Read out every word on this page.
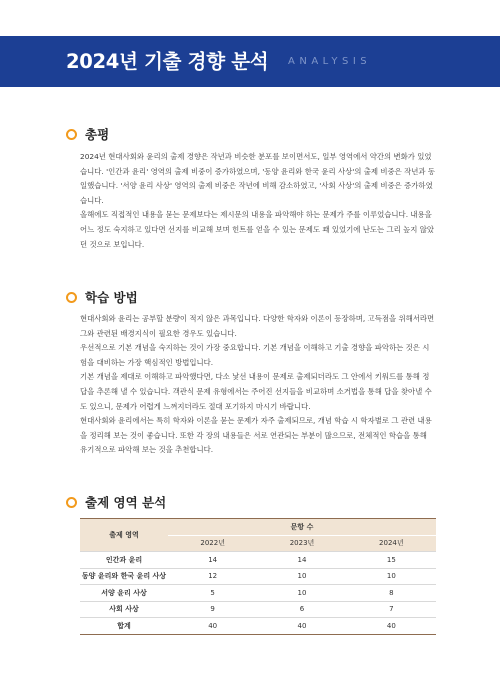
2024년 기출 경향 분석 ANALYSIS
총평

2024년 현대사회와 윤리의 출제 경향은 작년과 비슷한 분포를 보이면서도, 일부 영역에서 약간의 변화가 있었습니다. '인간과 윤리' 영역의 출제 비중이 증가하였으며, '동양 윤리와 한국 윤리 사상'의 출제 비중은 작년과 동일했습니다. '서양 윤리 사상' 영역의 출제 비중은 작년에 비해 감소하였고, '사회 사상'의 출제 비중은 증가하였습니다.

올해에도 직접적인 내용을 묻는 문제보다는 제시문의 내용을 파악해야 하는 문제가 주를 이루었습니다. 내용을 어느 정도 숙지하고 있다면 선지를 비교해 보며 힌트를 얻을 수 있는 문제도 꽤 있었기에 난도는 그리 높지 않았던 것으로 보입니다.

학습 방법

현대사회와 윤리는 공부할 분량이 적지 않은 과목입니다. 다양한 학자와 이론이 등장하며, 고득점을 위해서라면 그와 관련된 배경지식이 필요한 경우도 있습니다.

우선적으로 기본 개념을 숙지하는 것이 가장 중요합니다. 기본 개념을 이해하고 기출 경향을 파악하는 것은 시험을 대비하는 가장 핵심적인 방법입니다.

기본 개념을 제대로 이해하고 파악했다면, 다소 낯선 내용이 문제로 출제되더라도 그 안에서 키워드를 통해 정답을 추론해 낼 수 있습니다. 객관식 문제 유형에서는 주어진 선지들을 비교하며 소거법을 통해 답을 찾아낼 수도 있으니, 문제가 어렵게 느껴지더라도 절대 포기하지 마시기 바랍니다.

현대사회와 윤리에서는 특히 학자와 이론을 묻는 문제가 자주 출제되므로, 개념 학습 시 학자별로 그 관련 내용을 정리해 보는 것이 좋습니다. 또한 각 장의 내용들은 서로 연관되는 부분이 많으므로, 전체적인 학습을 통해 유기적으로 파악해 보는 것을 추천합니다.

출제 영역 분석
출제 영역	문항 수		
	2022년	2023년	2024년
인간과 윤리	14	14	15
동양 윤리와 한국 윤리 사상	12	10	10
서양 윤리 사상	5	10	8
사회 사상	9	6	7
합계	40	40	40
